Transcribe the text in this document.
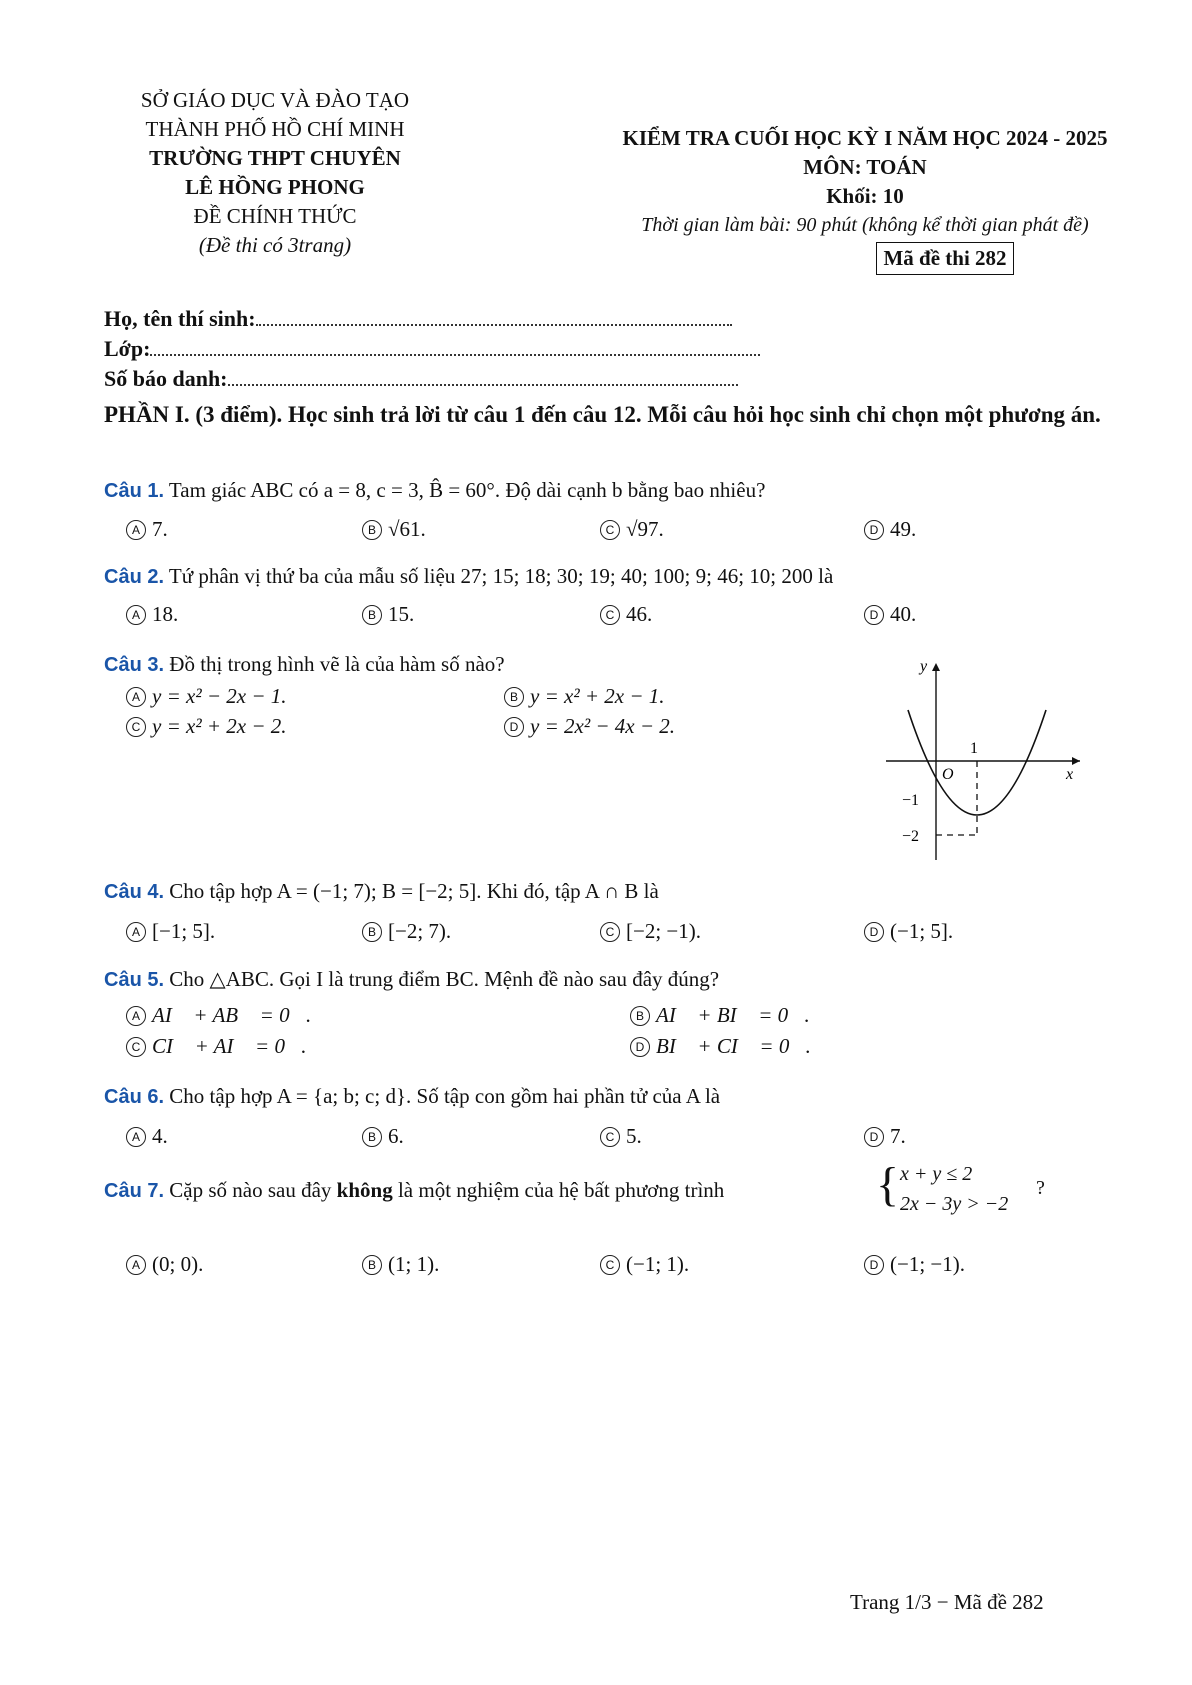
SỞ GIÁO DỤC VÀ ĐÀO TẠO
THÀNH PHỐ HỒ CHÍ MINH
TRƯỜNG THPT CHUYÊN
LÊ HỒNG PHONG
ĐỀ CHÍNH THỨC
(Đề thi có 3trang)
KIỂM TRA CUỐI HỌC KỲ I NĂM HỌC 2024 - 2025
MÔN: TOÁN
Khối: 10
Thời gian làm bài: 90 phút (không kể thời gian phát đề)
Mã đề thi 282
Họ, tên thí sinh:
Lớp:
Số báo danh:
PHẦN I. (3 điểm). Học sinh trả lời từ câu 1 đến câu 12. Mỗi câu hỏi học sinh chỉ chọn một phương án.
Câu 1. Tam giác ABC có a = 8, c = 3, B̂ = 60°. Độ dài cạnh b bằng bao nhiêu?
A 7.	B √61.	C √97.	D 49.
Câu 2. Tứ phân vị thứ ba của mẫu số liệu 27; 15; 18; 30; 19; 40; 100; 9; 46; 10; 200 là
A 18.	B 15.	C 46.	D 40.
Câu 3. Đồ thị trong hình vẽ là của hàm số nào?
A y = x² − 2x − 1.	B y = x² + 2x − 1.
C y = x² + 2x − 2.	D y = 2x² − 4x − 2.
y
x
O
1
−1
−2
Câu 4. Cho tập hợp A = (−1; 7); B = [−2; 5]. Khi đó, tập A ∩ B là
A [−1; 5].	B [−2; 7).	C [−2; −1).	D (−1; 5].
Câu 5. Cho △ABC. Gọi I là trung điểm BC. Mệnh đề nào sau đây đúng?
A AI⃗ + AB⃗ = 0⃗.	B AI⃗ + BI⃗ = 0⃗.
C CI⃗ + AI⃗ = 0⃗.	D BI⃗ + CI⃗ = 0⃗.
Câu 6. Cho tập hợp A = {a; b; c; d}. Số tập con gồm hai phần tử của A là
A 4.	B 6.	C 5.	D 7.
Câu 7. Cặp số nào sau đây không là một nghiệm của hệ bất phương trình	{ x + y ≤ 2
2x − 3y > −2
?
A (0; 0).	B (1; 1).	C (−1; 1).	D (−1; −1).
Trang 1/3 − Mã đề 282
